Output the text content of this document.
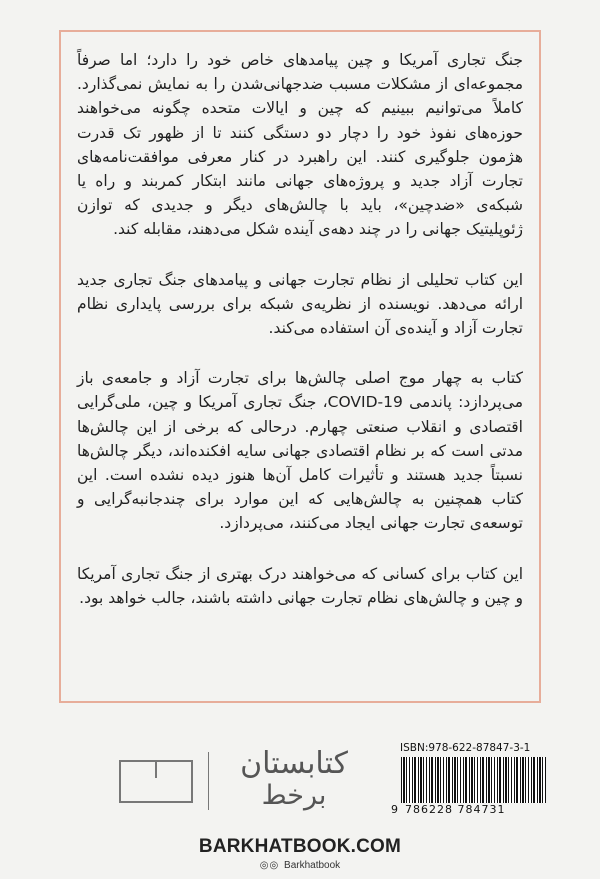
جنگ تجاری آمریکا و چین پیامدهای خاص خود را دارد؛ اما صرفاً مجموعه‌ای از مشکلات مسبب ضدجهانی‌شدن را به نمایش نمی‌گذارد. کاملاً می‌توانیم ببینیم که چین و ایالات متحده چگونه می‌خواهند حوزه‌های نفوذ خود را دچار دو دستگی کنند تا از ظهور تک قدرت هژمون جلوگیری کنند. این راهبرد در کنار معرفی موافقت‌نامه‌های تجارت آزاد جدید و پروژه‌های جهانی مانند ابتکار کمربند و راه یا شبکه‌ی «ضدچین»، باید با چالش‌های دیگر و جدیدی که توازن ژئوپلیتیک جهانی را در چند دهه‌ی آینده شکل می‌دهند، مقابله کند.

این کتاب تحلیلی از نظام تجارت جهانی و پیامدهای جنگ تجاری جدید ارائه می‌دهد. نویسنده از نظریه‌ی شبکه برای بررسی پایداری نظام تجارت آزاد و آینده‌ی آن استفاده می‌کند.

کتاب به چهار موج اصلی چالش‌ها برای تجارت آزاد و جامعه‌ی باز می‌پردازد: پاندمی COVID-19، جنگ تجاری آمریکا و چین، ملی‌گرایی اقتصادی و انقلاب صنعتی چهارم. درحالی که برخی از این چالش‌ها مدتی است که بر نظام اقتصادی جهانی سایه افکنده‌اند، دیگر چالش‌ها نسبتاً جدید هستند و تأثیرات کامل آن‌ها هنوز دیده نشده است. این کتاب همچنین به چالش‌هایی که این موارد برای چندجانبه‌گرایی و توسعه‌ی تجارت جهانی ایجاد می‌کنند، می‌پردازد.

این کتاب برای کسانی که می‌خواهند درک بهتری از جنگ تجاری آمریکا و چین و چالش‌های نظام تجارت جهانی داشته باشند، جالب خواهد بود.

کتابستان
برخط
ISBN:978-622-87847-3-1
9 786228 784731
BARKHATBOOK.COM
◎◎ Barkhatbook
